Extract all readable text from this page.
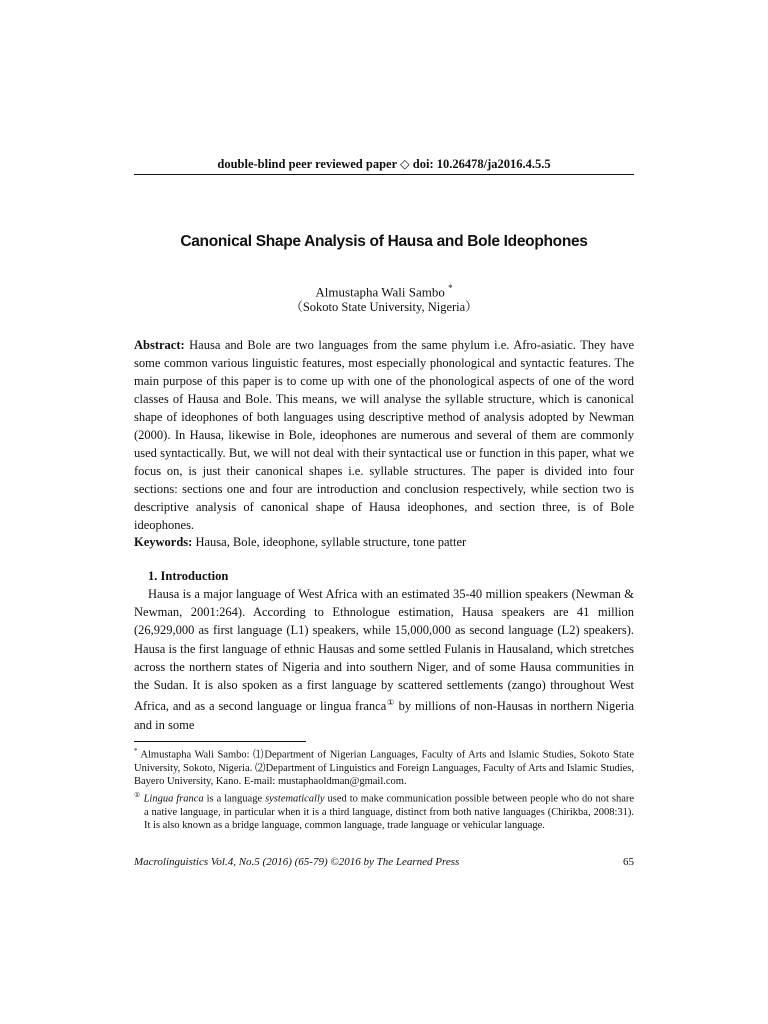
double-blind peer reviewed paper ◇ doi: 10.26478/ja2016.4.5.5
Canonical Shape Analysis of Hausa and Bole Ideophones
Almustapha Wali Sambo *
（Sokoto State University, Nigeria）
Abstract: Hausa and Bole are two languages from the same phylum i.e. Afro-asiatic. They have some common various linguistic features, most especially phonological and syntactic features. The main purpose of this paper is to come up with one of the phonological aspects of one of the word classes of Hausa and Bole. This means, we will analyse the syllable structure, which is canonical shape of ideophones of both languages using descriptive method of analysis adopted by Newman (2000). In Hausa, likewise in Bole, ideophones are numerous and several of them are commonly used syntactically. But, we will not deal with their syntactical use or function in this paper, what we focus on, is just their canonical shapes i.e. syllable structures. The paper is divided into four sections: sections one and four are introduction and conclusion respectively, while section two is descriptive analysis of canonical shape of Hausa ideophones, and section three, is of Bole ideophones.
Keywords: Hausa, Bole, ideophone, syllable structure, tone patter
1. Introduction
Hausa is a major language of West Africa with an estimated 35-40 million speakers (Newman & Newman, 2001:264). According to Ethnologue estimation, Hausa speakers are 41 million (26,929,000 as first language (L1) speakers, while 15,000,000 as second language (L2) speakers). Hausa is the first language of ethnic Hausas and some settled Fulanis in Hausaland, which stretches across the northern states of Nigeria and into southern Niger, and of some Hausa communities in the Sudan. It is also spoken as a first language by scattered settlements (zango) throughout West Africa, and as a second language or lingua franca① by millions of non-Hausas in northern Nigeria and in some
* Almustapha Wali Sambo: ⑴Department of Nigerian Languages, Faculty of Arts and Islamic Studies, Sokoto State University, Sokoto, Nigeria. ⑵Department of Linguistics and Foreign Languages, Faculty of Arts and Islamic Studies, Bayero University, Kano. E-mail: mustaphaoldman@gmail.com.
① Lingua franca is a language systematically used to make communication possible between people who do not share a native language, in particular when it is a third language, distinct from both native languages (Chirikba, 2008:31). It is also known as a bridge language, common language, trade language or vehicular language.
Macrolinguistics Vol.4, No.5 (2016) (65-79) ©2016 by The Learned Press	65
